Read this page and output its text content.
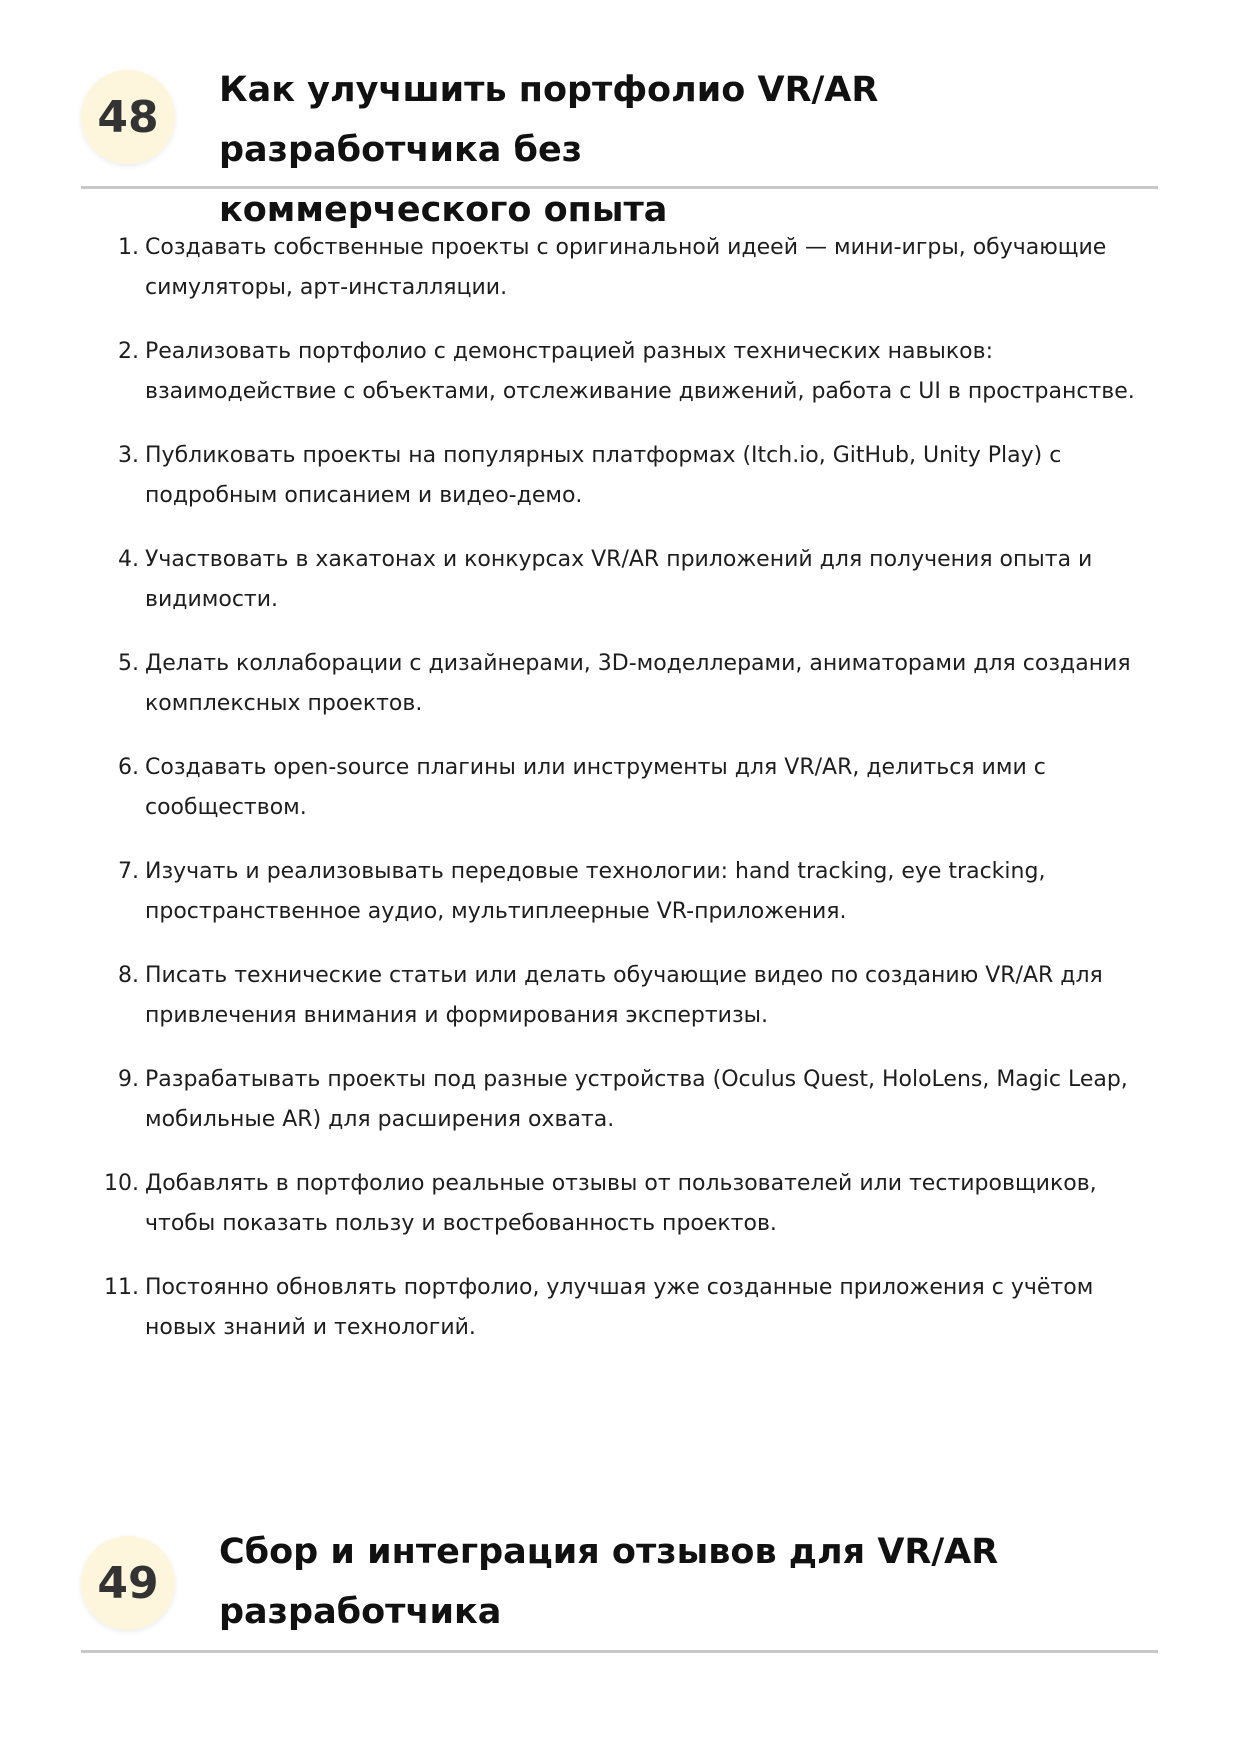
48
Как улучшить портфолио VR/AR разработчика без
коммерческого опыта
1. Создавать собственные проекты с оригинальной идеей — мини-игры, обучающие симуляторы, арт-инсталляции.
2. Реализовать портфолио с демонстрацией разных технических навыков: взаимодействие с объектами, отслеживание движений, работа с UI в пространстве.
3. Публиковать проекты на популярных платформах (Itch.io, GitHub, Unity Play) с подробным описанием и видео-демо.
4. Участвовать в хакатонах и конкурсах VR/AR приложений для получения опыта и видимости.
5. Делать коллаборации с дизайнерами, 3D-моделлерами, аниматорами для создания комплексных проектов.
6. Создавать open-source плагины или инструменты для VR/AR, делиться ими с сообществом.
7. Изучать и реализовывать передовые технологии: hand tracking, eye tracking, пространственное аудио, мультиплеерные VR-приложения.
8. Писать технические статьи или делать обучающие видео по созданию VR/AR для привлечения внимания и формирования экспертизы.
9. Разрабатывать проекты под разные устройства (Oculus Quest, HoloLens, Magic Leap, мобильные AR) для расширения охвата.
10. Добавлять в портфолио реальные отзывы от пользователей или тестировщиков, чтобы показать пользу и востребованность проектов.
11. Постоянно обновлять портфолио, улучшая уже созданные приложения с учётом новых знаний и технологий.
49
Сбор и интеграция отзывов для VR/AR
разработчика
